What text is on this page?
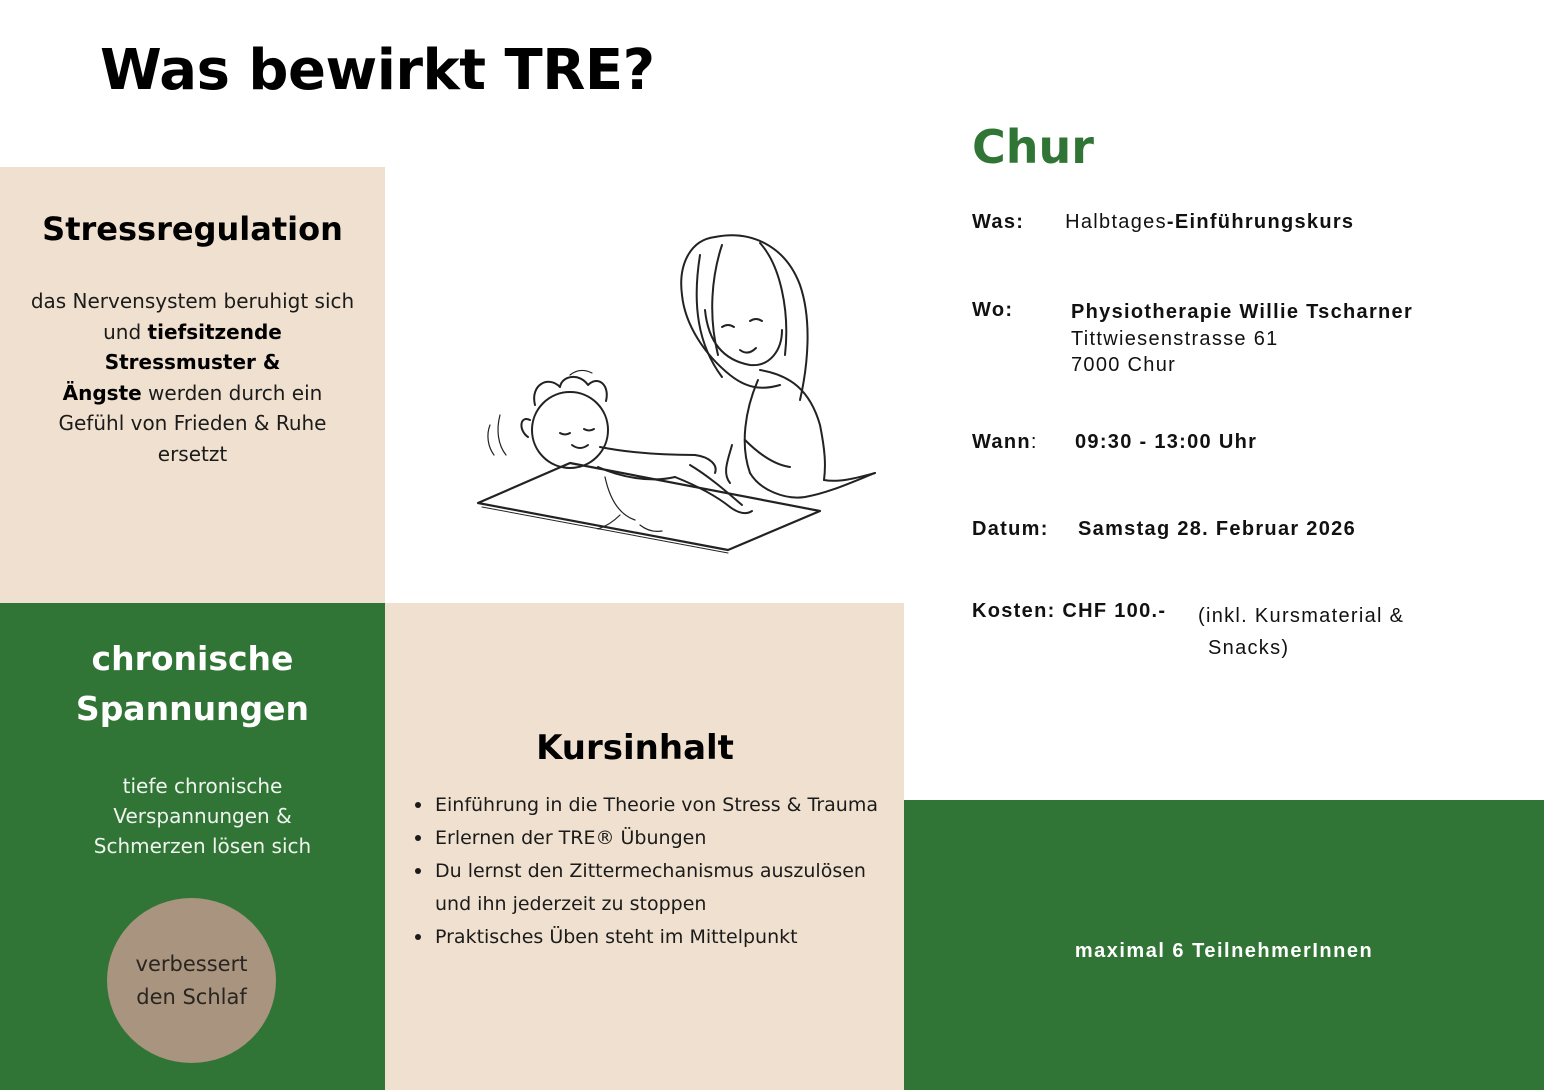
Was bewirkt TRE?
Stressregulation
das Nervensystem beruhigt sich und tiefsitzende Stressmuster &
Ängste werden durch ein Gefühl von Frieden & Ruhe ersetzt
chronische
Spannungen
tiefe chronische Verspannungen & Schmerzen lösen sich
verbessert
den Schlaf
Kursinhalt
Einführung in die Theorie von Stress & Trauma
Erlernen der TRE® Übungen
Du lernst den Zittermechanismus auszulösen und ihn jederzeit zu stoppen
Praktisches Üben steht im Mittelpunkt
Chur
Was: Halbtages-Einführungskurs
Wo:	Physiotherapie Willie Tscharner
Tittwiesenstrasse 61
7000 Chur
Wann: 09:30 - 13:00 Uhr
Datum: Samstag 28. Februar 2026
Kosten: CHF 100.- (inkl. Kursmaterial &
Snacks)
maximal 6 TeilnehmerInnen
